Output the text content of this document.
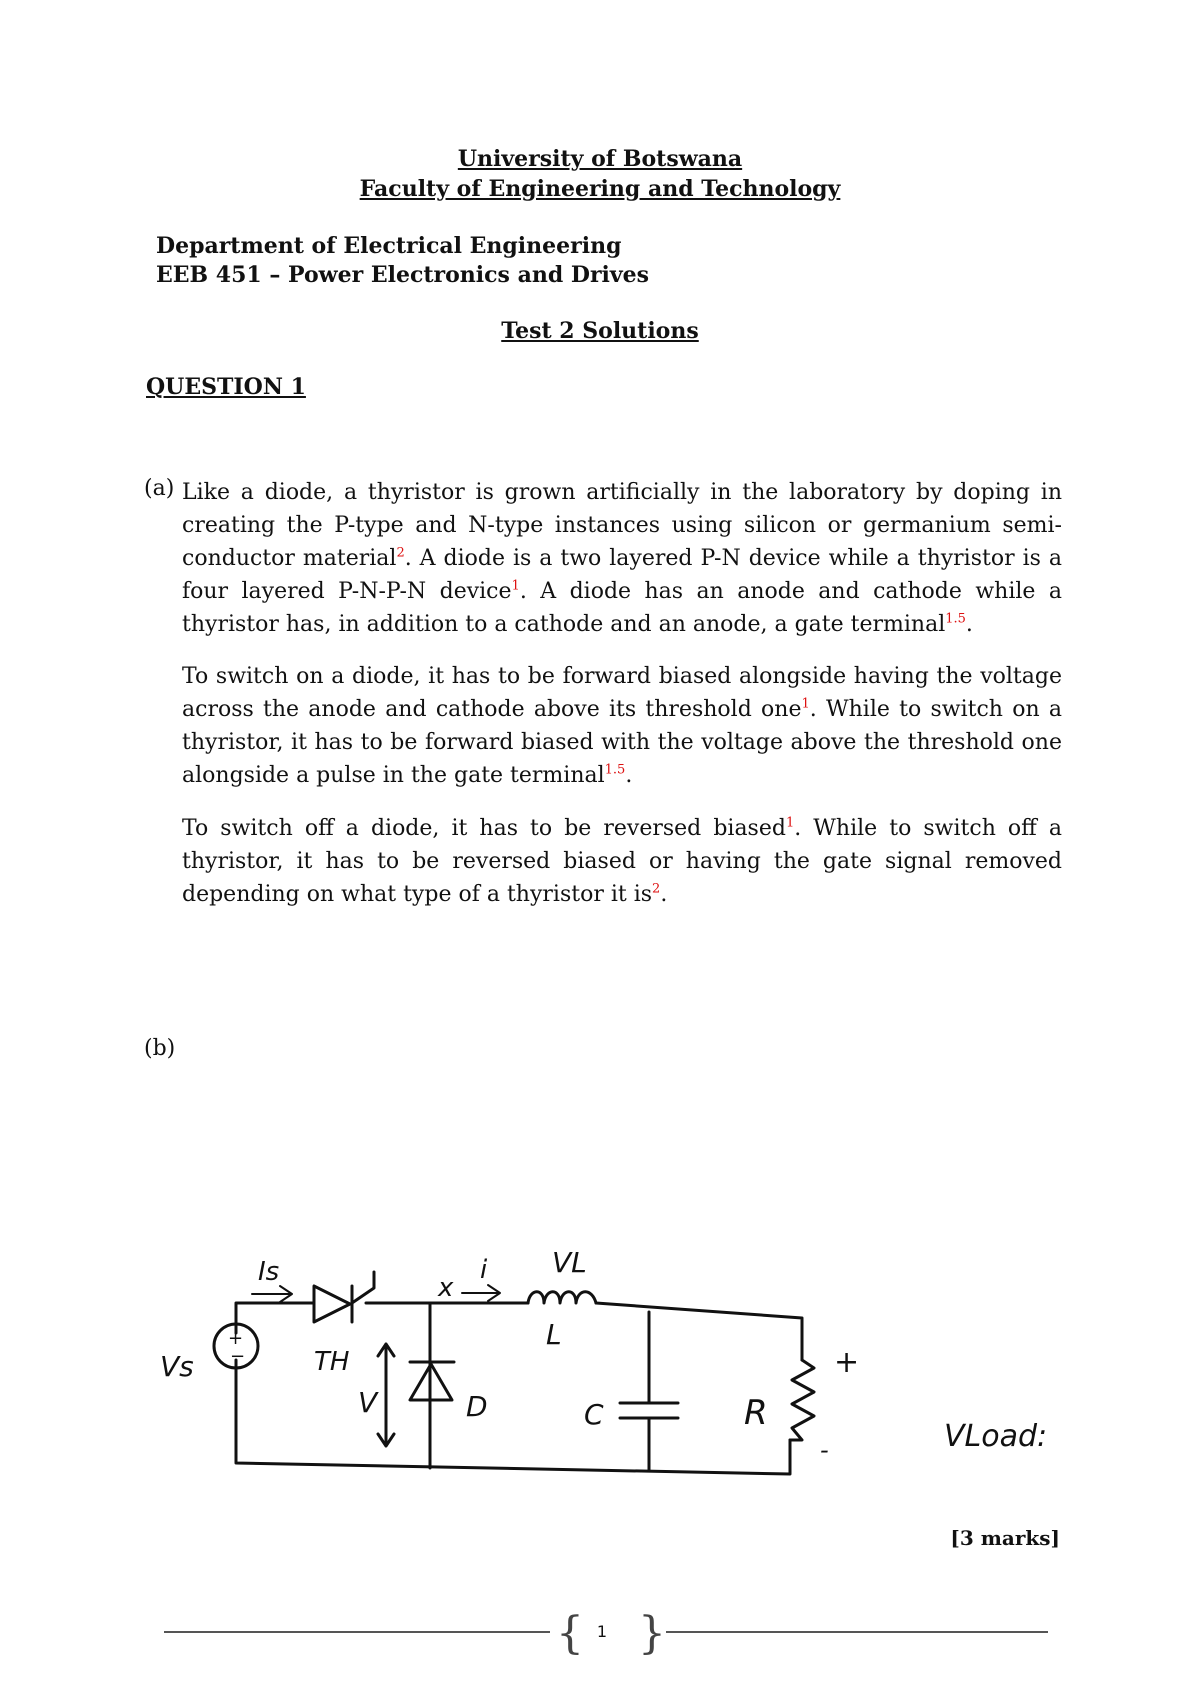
University of Botswana
Faculty of Engineering and Technology
Department of Electrical Engineering
EEB 451 – Power Electronics and Drives
Test 2 Solutions
QUESTION 1
(a) Like a diode, a thyristor is grown artificially in the laboratory by doping in creating the P-type and N-type instances using silicon or germanium semi-conductor material$^2$. A diode is a two layered P-N device while a thyristor is a four layered P-N-P-N device$^1$. A diode has an anode and cathode while a thyristor has, in addition to a cathode and an anode, a gate terminal$^{1.5}$.
To switch on a diode, it has to be forward biased alongside having the voltage across the anode and cathode above its threshold one$^1$. While to switch on a thyristor, it has to be forward biased with the voltage above the threshold one alongside a pulse in the gate terminal$^{1.5}$.
To switch off a diode, it has to be reversed biased$^1$. While to switch off a thyristor, it has to be reversed biased or having the gate signal removed depending on what type of a thyristor it $is^2$.
(b)
+
−
Is
x
i VL
L
Vs	TH
V	D	C	R
+
-	VLoad:
[3 marks]
{ 1 }
